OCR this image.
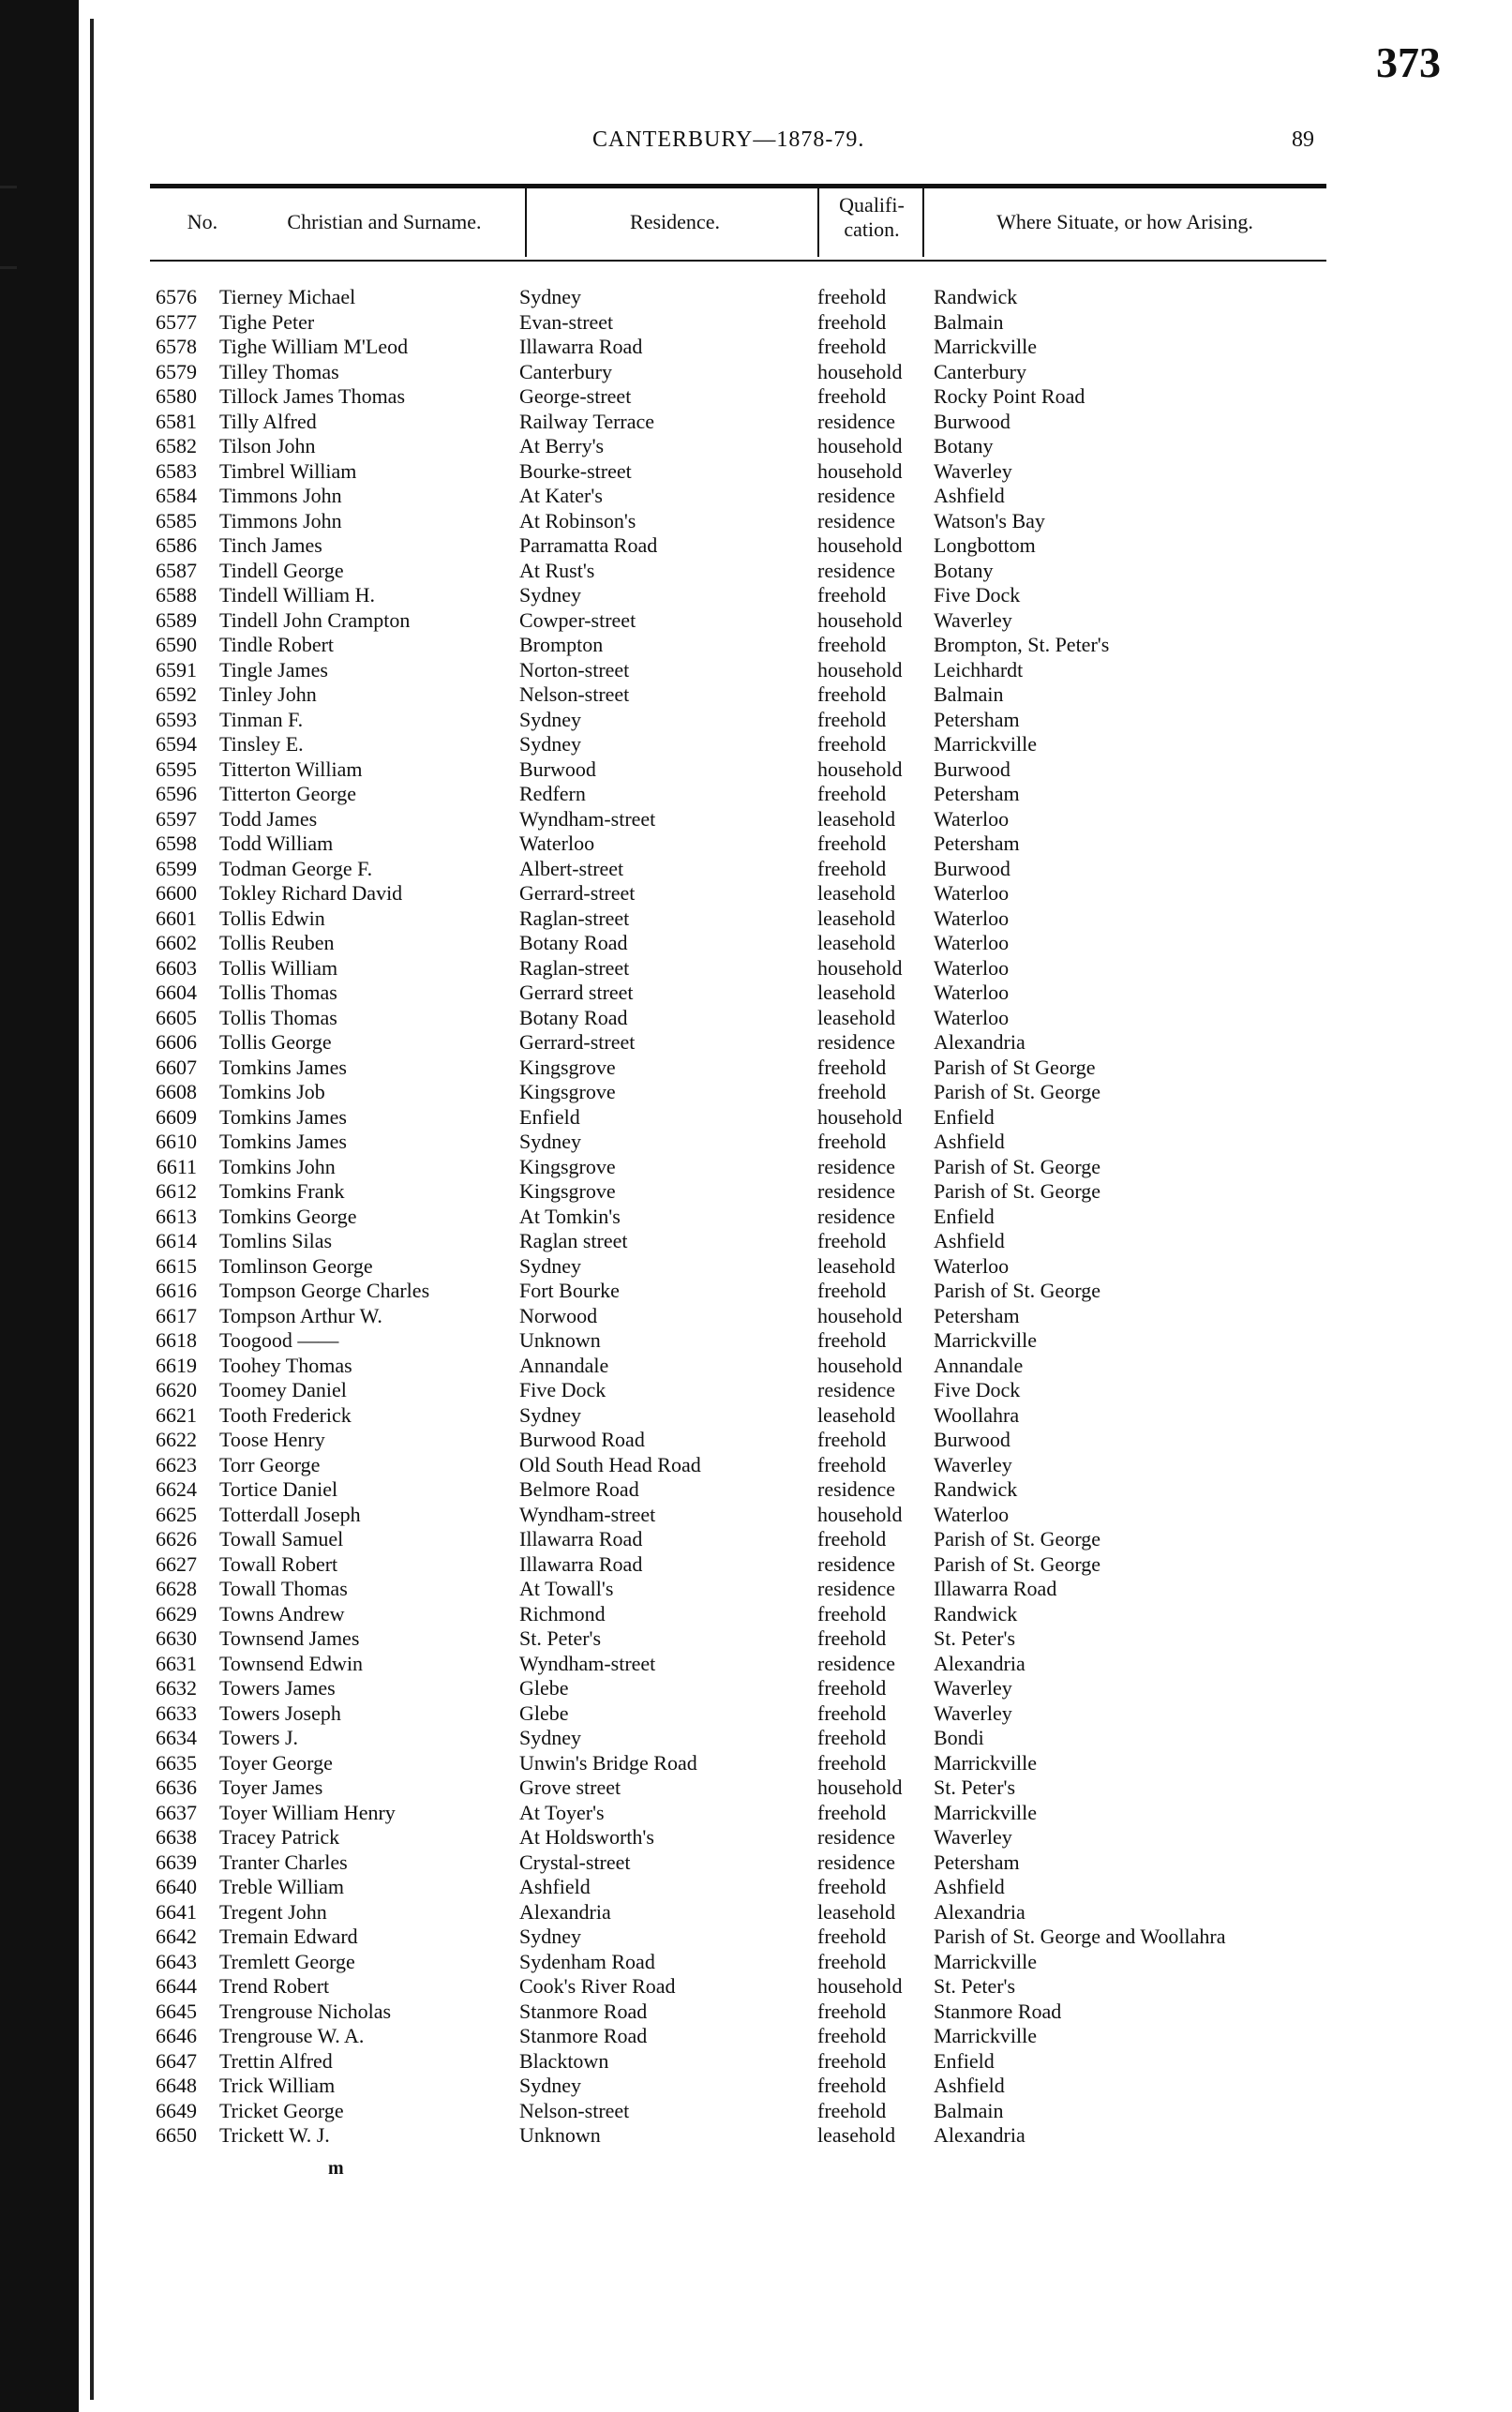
373
CANTERBURY—1878-79.	89
No.	Christian and Surname.	Residence.
Qualifi-
cation.	Where Situate, or how Arising.
6576 Tierney Michael	Sydney	freehold Randwick
6577 Tighe Peter	Evan-street	freehold Balmain
6578 Tighe William M'Leod	Illawarra Road	freehold Marrickville
6579 Tilley Thomas	Canterbury	household Canterbury
6580 Tillock James Thomas	George-street	freehold Rocky Point Road
6581 Tilly Alfred	Railway Terrace	residence Burwood
6582 Tilson John	At Berry's	household Botany
6583 Timbrel William	Bourke-street	household Waverley
6584 Timmons John	At Kater's	residence Ashfield
6585 Timmons John	At Robinson's	residence Watson's Bay
6586 Tinch James	Parramatta Road	household Longbottom
6587 Tindell George	At Rust's	residence Botany
6588 Tindell William H.	Sydney	freehold Five Dock
6589 Tindell John Crampton	Cowper-street	household Waverley
6590 Tindle Robert	Brompton	freehold Brompton, St. Peter's
6591 Tingle James	Norton-street	household Leichhardt
6592 Tinley John	Nelson-street	freehold Balmain
6593 Tinman F.	Sydney	freehold Petersham
6594 Tinsley E.	Sydney	freehold Marrickville
6595 Titterton William	Burwood	household Burwood
6596 Titterton George	Redfern	freehold Petersham
6597 Todd James	Wyndham-street	leasehold Waterloo
6598 Todd William	Waterloo	freehold Petersham
6599 Todman George F.	Albert-street	freehold Burwood
6600 Tokley Richard David	Gerrard-street	leasehold Waterloo
6601 Tollis Edwin	Raglan-street	leasehold Waterloo
6602 Tollis Reuben	Botany Road	leasehold Waterloo
6603 Tollis William	Raglan-street	household Waterloo
6604 Tollis Thomas	Gerrard street	leasehold Waterloo
6605 Tollis Thomas	Botany Road	leasehold Waterloo
6606 Tollis George	Gerrard-street	residence Alexandria
6607 Tomkins James	Kingsgrove	freehold Parish of St George
6608 Tomkins Job	Kingsgrove	freehold Parish of St. George
6609 Tomkins James	Enfield	household Enfield
6610 Tomkins James	Sydney	freehold Ashfield
6611 Tomkins John	Kingsgrove	residence Parish of St. George
6612 Tomkins Frank	Kingsgrove	residence Parish of St. George
6613 Tomkins George	At Tomkin's	residence Enfield
6614 Tomlins Silas	Raglan street	freehold Ashfield
6615 Tomlinson George	Sydney	leasehold Waterloo
6616 Tompson George Charles	Fort Bourke	freehold Parish of St. George
6617 Tompson Arthur W.	Norwood	household Petersham
6618 Toogood ——	Unknown	freehold Marrickville
6619 Toohey Thomas	Annandale	household Annandale
6620 Toomey Daniel	Five Dock	residence Five Dock
6621 Tooth Frederick	Sydney	leasehold Woollahra
6622 Toose Henry	Burwood Road	freehold Burwood
6623 Torr George	Old South Head Road	freehold Waverley
6624 Tortice Daniel	Belmore Road	residence Randwick
6625 Totterdall Joseph	Wyndham-street	household Waterloo
6626 Towall Samuel	Illawarra Road	freehold Parish of St. George
6627 Towall Robert	Illawarra Road	residence Parish of St. George
6628 Towall Thomas	At Towall's	residence Illawarra Road
6629 Towns Andrew	Richmond	freehold Randwick
6630 Townsend James	St. Peter's	freehold St. Peter's
6631 Townsend Edwin	Wyndham-street	residence Alexandria
6632 Towers James	Glebe	freehold Waverley
6633 Towers Joseph	Glebe	freehold Waverley
6634 Towers J.	Sydney	freehold Bondi
6635 Toyer George	Unwin's Bridge Road	freehold Marrickville
6636 Toyer James	Grove street	household St. Peter's
6637 Toyer William Henry	At Toyer's	freehold Marrickville
6638 Tracey Patrick	At Holdsworth's	residence Waverley
6639 Tranter Charles	Crystal-street	residence Petersham
6640 Treble William	Ashfield	freehold Ashfield
6641 Tregent John	Alexandria	leasehold Alexandria
6642 Tremain Edward	Sydney	freehold Parish of St. George and Woollahra
6643 Tremlett George	Sydenham Road	freehold Marrickville
6644 Trend Robert	Cook's River Road	household St. Peter's
6645 Trengrouse Nicholas	Stanmore Road	freehold Stanmore Road
6646 Trengrouse W. A.	Stanmore Road	freehold Marrickville
6647 Trettin Alfred	Blacktown	freehold Enfield
6648 Trick William	Sydney	freehold Ashfield
6649 Tricket George	Nelson-street	freehold Balmain
6650 Trickett W. J.	Unknown	leasehold Alexandria
m
